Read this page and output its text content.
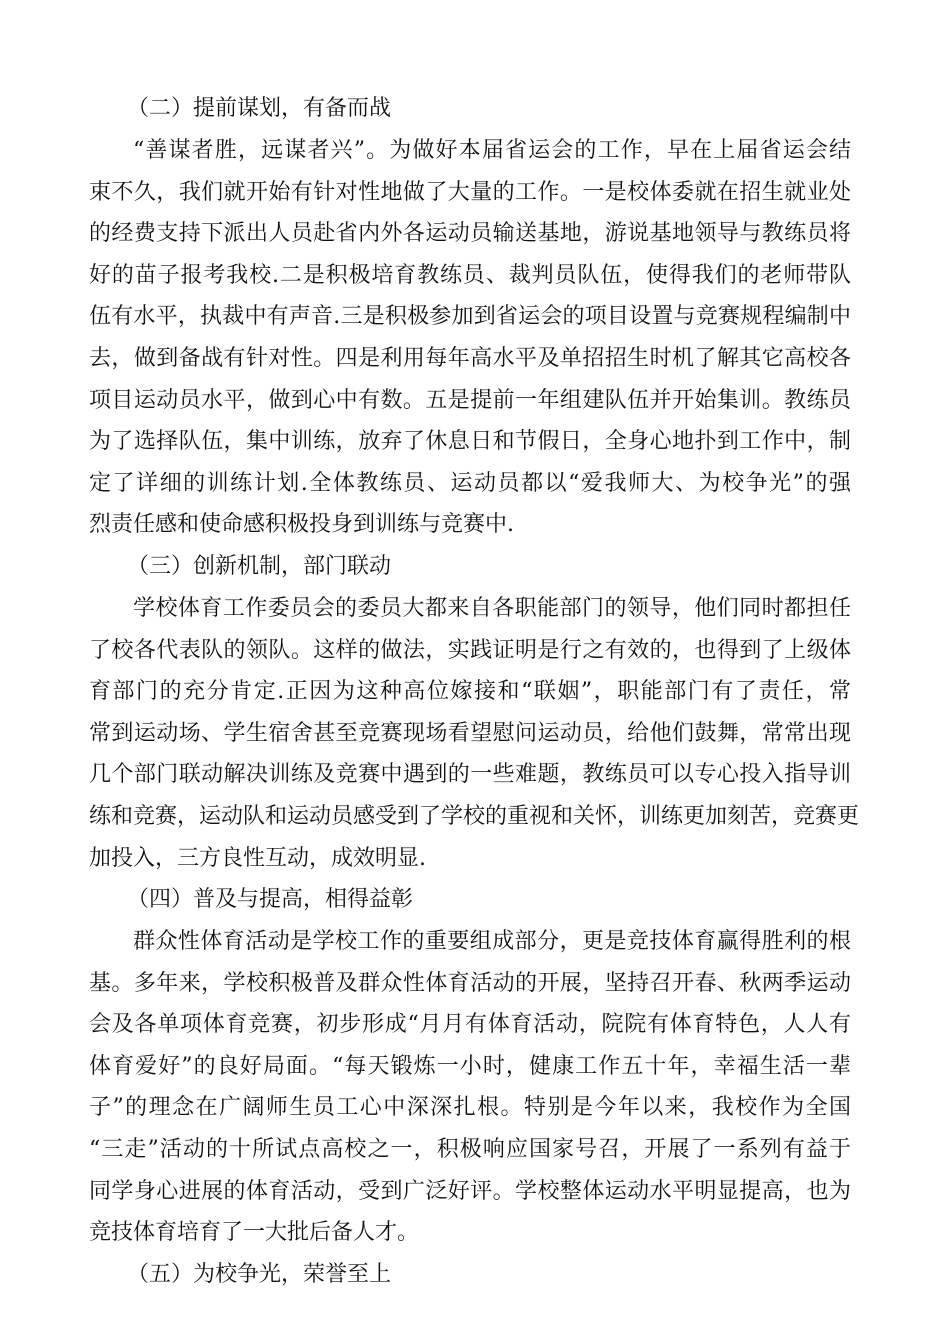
（二）提前谋划，有备而战
“善谋者胜，远谋者兴”。为做好本届省运会的工作，早在上届省运会结
束不久，我们就开始有针对性地做了大量的工作。一是校体委就在招生就业处
的经费支持下派出人员赴省内外各运动员输送基地，游说基地领导与教练员将
好的苗子报考我校.二是积极培育教练员、裁判员队伍，使得我们的老师带队
伍有水平，执裁中有声音.三是积极参加到省运会的项目设置与竞赛规程编制中
去，做到备战有针对性。四是利用每年高水平及单招招生时机了解其它高校各
项目运动员水平，做到心中有数。五是提前一年组建队伍并开始集训。教练员
为了选择队伍，集中训练，放弃了休息日和节假日，全身心地扑到工作中，制
定了详细的训练计划.全体教练员、运动员都以“爱我师大、为校争光”的强
烈责任感和使命感积极投身到训练与竞赛中.
（三）创新机制，部门联动
学校体育工作委员会的委员大都来自各职能部门的领导，他们同时都担任
了校各代表队的领队。这样的做法，实践证明是行之有效的，也得到了上级体
育部门的充分肯定.正因为这种高位嫁接和“联姻”，职能部门有了责任，常
常到运动场、学生宿舍甚至竞赛现场看望慰问运动员，给他们鼓舞，常常出现
几个部门联动解决训练及竞赛中遇到的一些难题，教练员可以专心投入指导训
练和竞赛，运动队和运动员感受到了学校的重视和关怀，训练更加刻苦，竞赛更
加投入，三方良性互动，成效明显.
（四）普及与提高，相得益彰
群众性体育活动是学校工作的重要组成部分，更是竞技体育赢得胜利的根
基。多年来，学校积极普及群众性体育活动的开展，坚持召开春、秋两季运动
会及各单项体育竞赛，初步形成“月月有体育活动，院院有体育特色，人人有
体育爱好”的良好局面。“每天锻炼一小时，健康工作五十年，幸福生活一辈
子”的理念在广阔师生员工心中深深扎根。特别是今年以来，我校作为全国
“三走”活动的十所试点高校之一，积极响应国家号召，开展了一系列有益于
同学身心进展的体育活动，受到广泛好评。学校整体运动水平明显提高，也为
竞技体育培育了一大批后备人才。
（五）为校争光，荣誉至上
